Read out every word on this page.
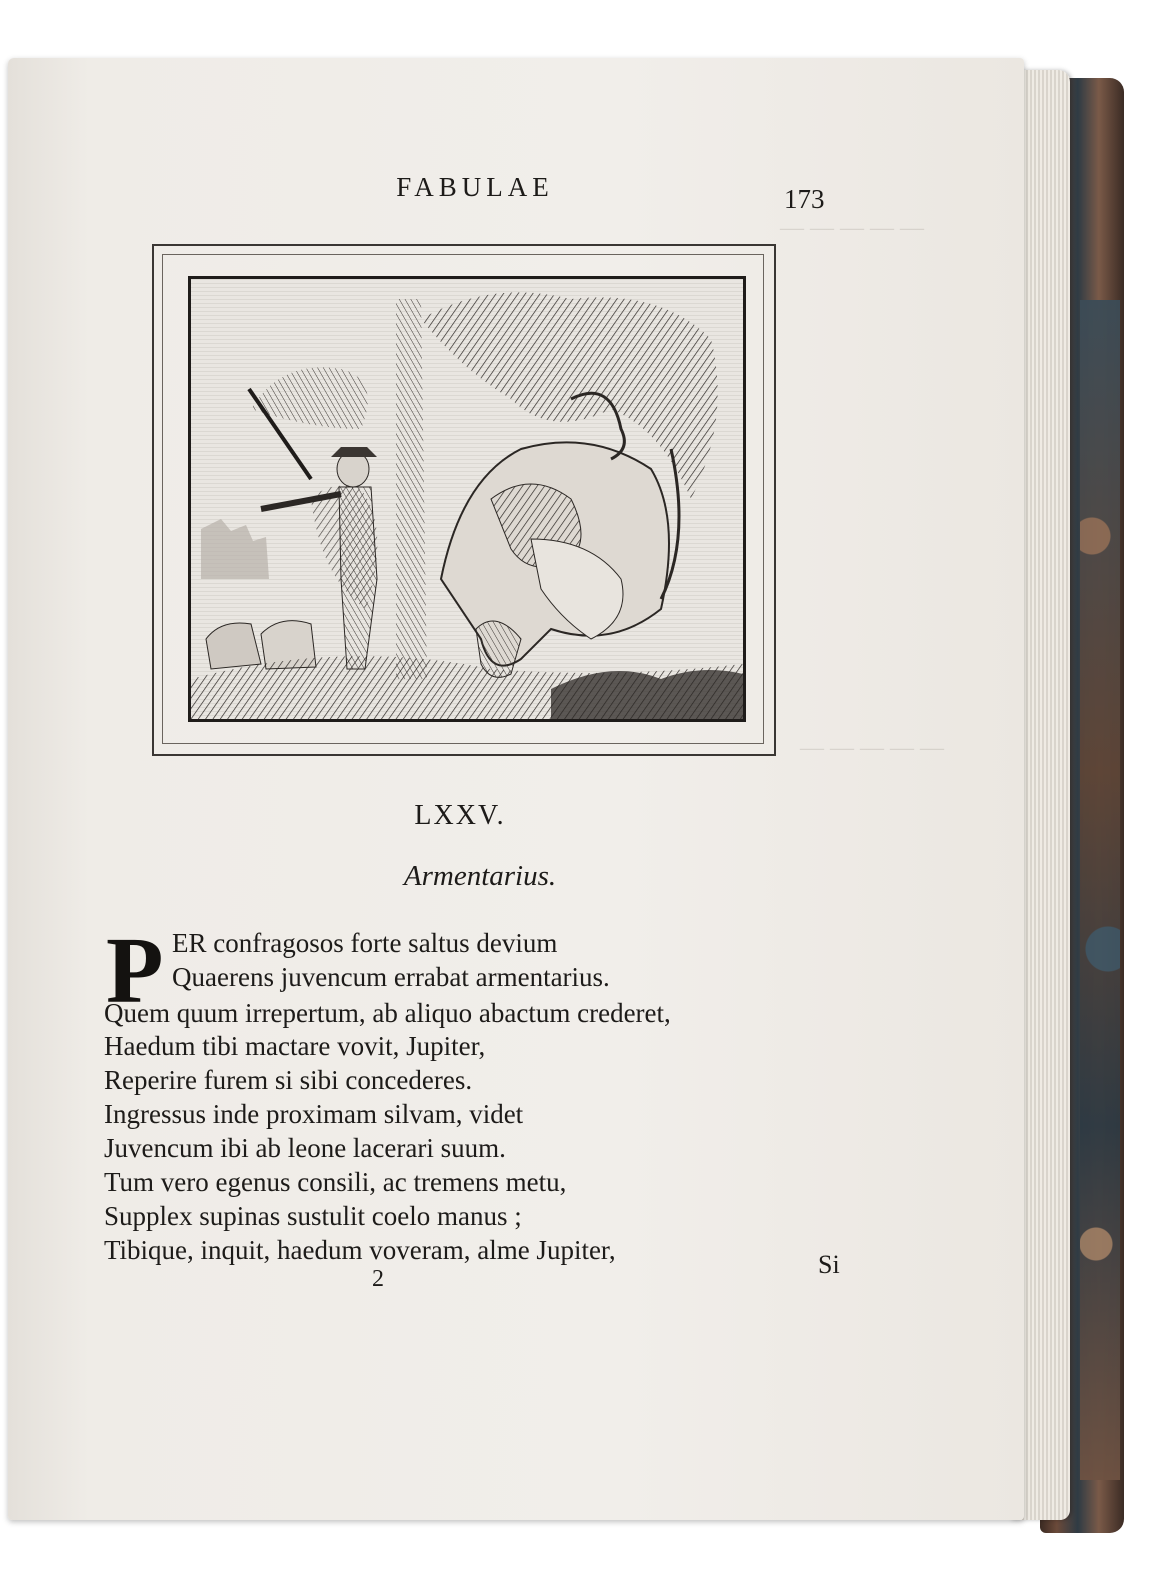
— — — — —
— — — — —
FABULAE	173
LXXV.
Armentarius.
P ER confragosos forte saltus devium
Quaerens juvencum errabat armentarius.
Quem quum irrepertum, ab aliquo abactum crederet,
Haedum tibi mactare vovit, Jupiter,
Reperire furem si sibi concederes.
Ingressus inde proximam silvam, videt
Juvencum ibi ab leone lacerari suum.
Tum vero egenus consili, ac tremens metu,
Supplex supinas sustulit coelo manus ;
Tibique, inquit, haedum voveram, alme Jupiter,
2	Si
